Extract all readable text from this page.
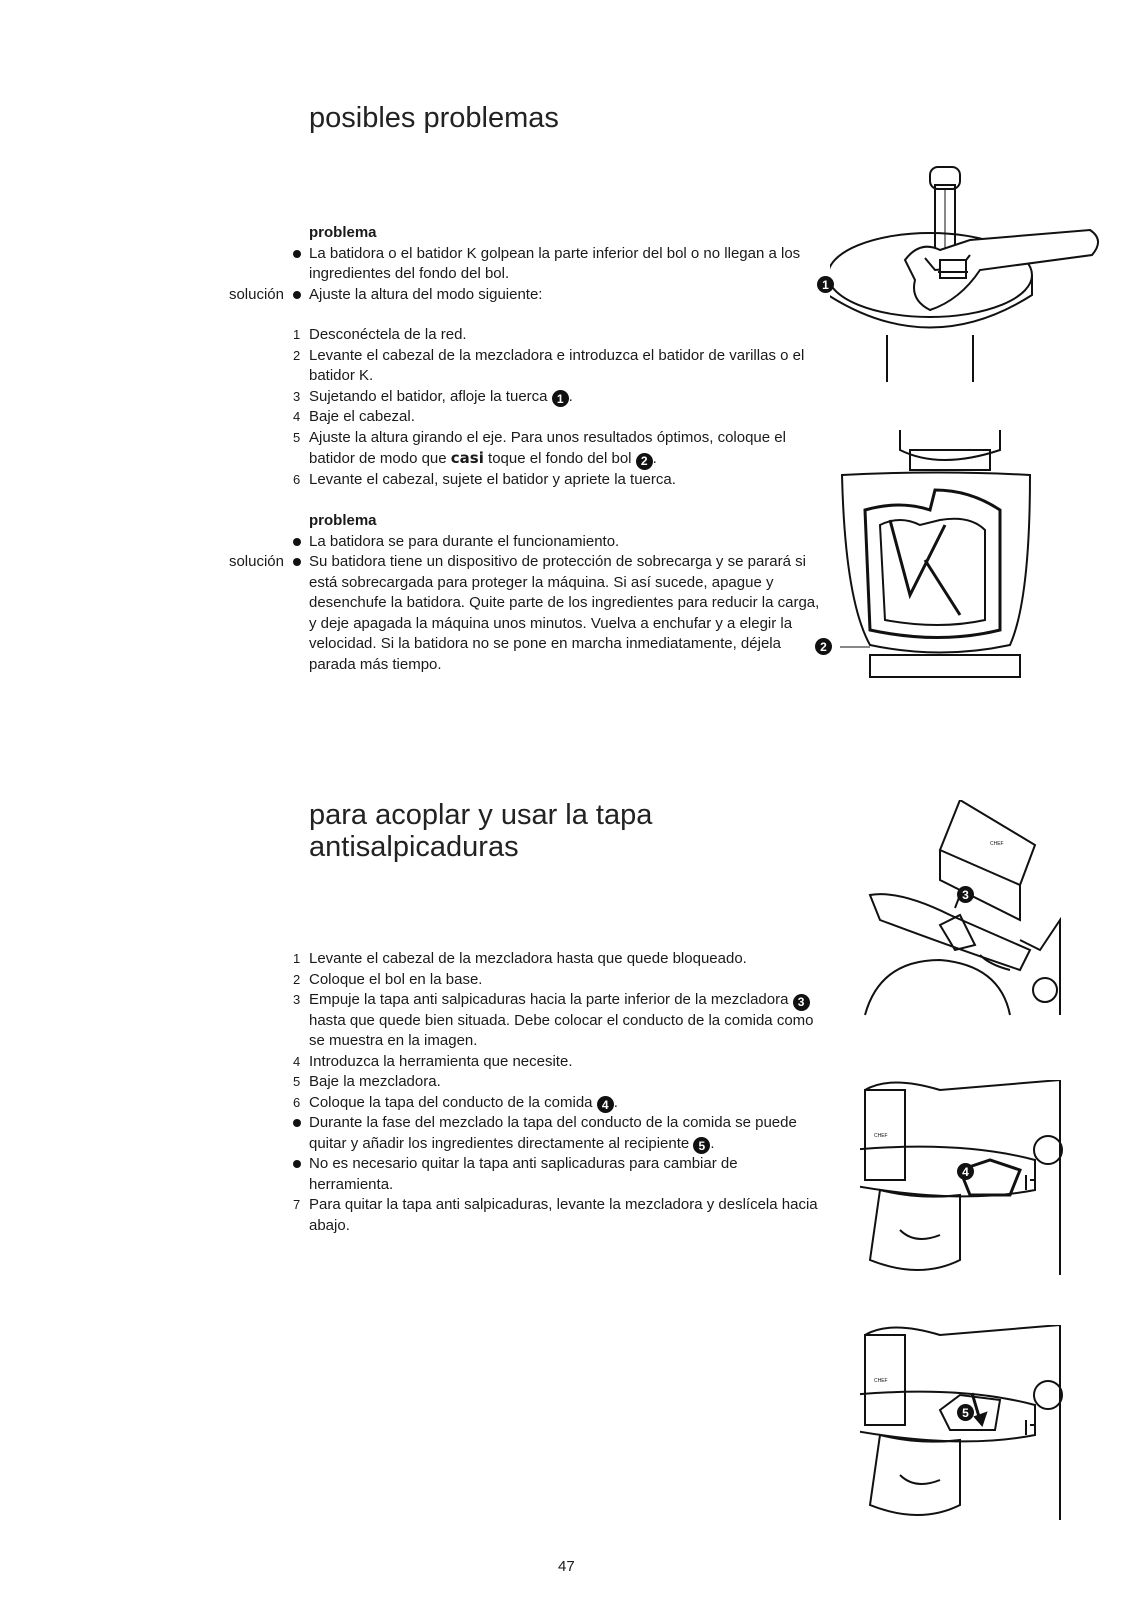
posibles problemas
problema
La batidora o el batidor K golpean la parte inferior del bol o no llegan a los ingredientes del fondo del bol.
solución Ajuste la altura del modo siguiente:
1 Desconéctela de la red.
2 Levante el cabezal de la mezcladora e introduzca el batidor de varillas o el batidor K.
3 Sujetando el batidor, afloje la tuerca 1 .
4 Baje el cabezal.
5 Ajuste la altura girando el eje. Para unos resultados óptimos, coloque el batidor de modo que casi toque el fondo del bol 2 .
6 Levante el cabezal, sujete el batidor y apriete la tuerca.
problema
La batidora se para durante el funcionamiento.
solución Su batidora tiene un dispositivo de protección de sobrecarga y se parará si está sobrecargada para proteger la máquina. Si así sucede, apague y desenchufe la batidora. Quite parte de los ingredientes para reducir la carga, y deje apagada la máquina unos minutos. Vuelva a enchufar y a elegir la velocidad. Si la batidora no se pone en marcha inmediatamente, déjela parada más tiempo.
para acoplar y usar la tapa
antisalpicaduras
1 Levante el cabezal de la mezcladora hasta que quede bloqueado.
2 Coloque el bol en la base.
3 Empuje la tapa anti salpicaduras hacia la parte inferior de la mezcladora 3 hasta que quede bien situada. Debe colocar el conducto de la comida como se muestra en la imagen.
4 Introduzca la herramienta que necesite.
5 Baje la mezcladora.
6 Coloque la tapa del conducto de la comida 4 .
Durante la fase del mezclado la tapa del conducto de la comida se puede quitar y añadir los ingredientes directamente al recipiente 5 .
No es necesario quitar la tapa anti saplicaduras para cambiar de herramienta.
7 Para quitar la tapa anti salpicaduras, levante la mezcladora y deslícela hacia abajo.
1
2
CHEF
3
CHEF
4
CHEF
5
47
